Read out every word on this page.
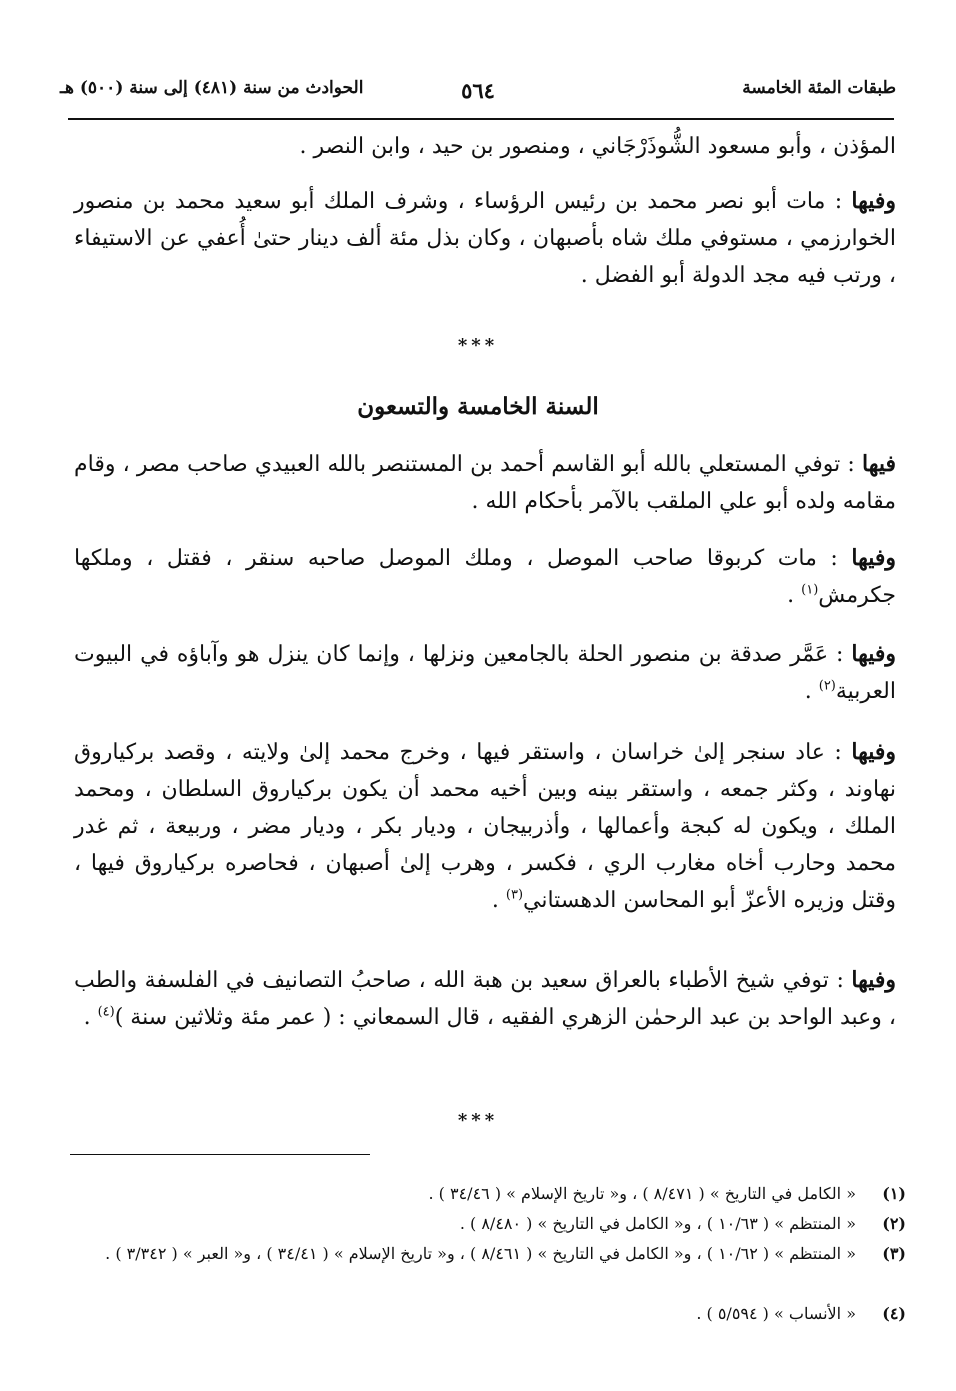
طبقات المئة الخامسة
٥٦٤
الحوادث من سنة (٤٨١) إلى سنة (٥٠٠) هـ
المؤذن ، وأبو مسعود الشُّوذَرْجَاني ، ومنصور بن حيد ، وابن النصر .
وفيها : مات أبو نصر محمد بن رئيس الرؤساء ، وشرف الملك أبو سعيد محمد بن منصور الخوارزمي ، مستوفي ملك شاه بأصبهان ، وكان بذل مئة ألف دينار حتىٰ أُعفي عن الاستيفاء ، ورتب فيه مجد الدولة أبو الفضل .
***
السنة الخامسة والتسعون
فيها : توفي المستعلي بالله أبو القاسم أحمد بن المستنصر بالله العبيدي صاحب مصر ، وقام مقامه ولده أبو علي الملقب بالآمر بأحكام الله .
وفيها : مات كربوقا صاحب الموصل ، وملك الموصل صاحبه سنقر ، فقتل ، وملكها جكرمش$^{(١)}$ .
وفيها : عَمَّر صدقة بن منصور الحلة بالجامعين ونزلها ، وإنما كان ينزل هو وآباؤه في البيوت العربية$^{(٢)}$ .
وفيها : عاد سنجر إلىٰ خراسان ، واستقر فيها ، وخرج محمد إلىٰ ولايته ، وقصد بركياروق نهاوند ، وكثر جمعه ، واستقر بينه وبين أخيه محمد أن يكون بركياروق السلطان ، ومحمد الملك ، ويكون له كبجة وأعمالها ، وأذربيجان ، وديار بكر ، وديار مضر ، وربيعة ، ثم غدر محمد وحارب أخاه مغارب الري ، فكسر ، وهرب إلىٰ أصبهان ، فحاصره بركياروق فيها ، وقتل وزيره الأعزّ أبو المحاسن الدهستاني$^{(٣)}$ .
وفيها : توفي شيخ الأطباء بالعراق سعيد بن هبة الله ، صاحبُ التصانيف في الفلسفة والطب ، وعبد الواحد بن عبد الرحمٰن الزهري الفقيه ، قال السمعاني : ( عمر مئة وثلاثين سنة )$^{(٤)}$ .
***
(١)
« الكامل في التاريخ » ( ٨/٤٧١ ) ، و« تاريخ الإسلام » ( ٣٤/٤٦ ) .
(٢)
« المنتظم » ( ١٠/٦٣ ) ، و« الكامل في التاريخ » ( ٨/٤٨٠ ) .
(٣)
« المنتظم » ( ١٠/٦٢ ) ، و« الكامل في التاريخ » ( ٨/٤٦١ ) ، و« تاريخ الإسلام » ( ٣٤/٤١ ) ، و« العبر » ( ٣/٣٤٢ ) .
(٤)
« الأنساب » ( ٥/٥٩٤ ) .
